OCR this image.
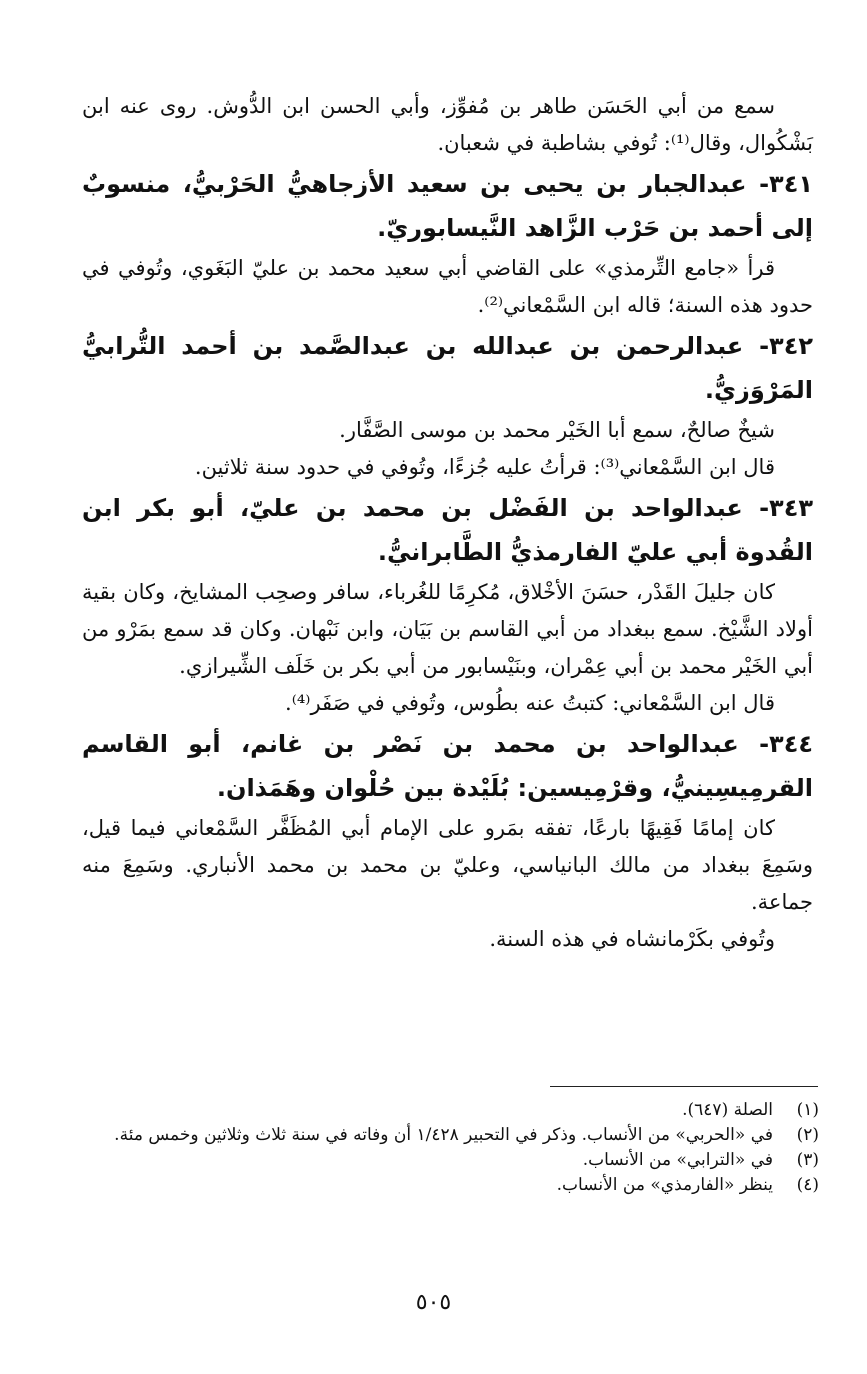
سمع من أبي الحَسَن طاهر بن مُفوِّز، وأبي الحسن ابن الدُّوش. روى عنه ابن بَشْكُوال، وقال⁽¹⁾: تُوفي بشاطبة في شعبان.

٣٤١- عبدالجبار بن يحيى بن سعيد الأزجاهيُّ الحَرْبيُّ، منسوبٌ إلى أحمد بن حَرْب الزَّاهد النَّيسابوريّ.

قرأ «جامع التِّرمذي» على القاضي أبي سعيد محمد بن عليّ البَغَوي، وتُوفي في حدود هذه السنة؛ قاله ابن السَّمْعاني⁽²⁾.

٣٤٢- عبدالرحمن بن عبدالله بن عبدالصَّمد بن أحمد التُّرابيُّ المَرْوَزيُّ.

شيخٌ صالحٌ، سمع أبا الخَيْر محمد بن موسى الصَّفَّار.

قال ابن السَّمْعاني⁽³⁾: قرأتُ عليه جُزءًا، وتُوفي في حدود سنة ثلاثين.

٣٤٣- عبدالواحد بن الفَضْل بن محمد بن عليّ، أبو بكر ابن القُدوة أبي عليّ الفارمذيُّ الطَّابرانيُّ.

كان جليلَ القَدْر، حسَنَ الأخْلاق، مُكرِمًا للغُرباء، سافر وصحِب المشايخ، وكان بقية أولاد الشَّيْخ. سمع ببغداد من أبي القاسم بن بَيَان، وابن نَبْهان. وكان قد سمع بمَرْو من أبي الخَيْر محمد بن أبي عِمْران، وبنَيْسابور من أبي بكر بن خَلَف الشِّيرازي.

قال ابن السَّمْعاني: كتبتُ عنه بطُوس، وتُوفي في صَفَر⁽⁴⁾.

٣٤٤- عبدالواحد بن محمد بن نَصْر بن غانم، أبو القاسم القرمِيسِينيُّ، وقرْمِيسين: بُلَيْدة بين حُلْوان وهَمَذان.

كان إمامًا فَقِيهًا بارعًا، تفقه بمَرو على الإمام أبي المُظَفَّر السَّمْعاني فيما قيل، وسَمِعَ ببغداد من مالك البانياسي، وعليّ بن محمد بن محمد الأنباري. وسَمِعَ منه جماعة.

وتُوفي بكَرْمانشاه في هذه السنة.

(١)
الصلة (٦٤٧).
(٢)
في «الحربي» من الأنساب. وذكر في التحبير ١/٤٢٨ أن وفاته في سنة ثلاث وثلاثين وخمس مئة.
(٣)
في «الترابي» من الأنساب.
(٤)
ينظر «الفارمذي» من الأنساب.
٥٠٥
